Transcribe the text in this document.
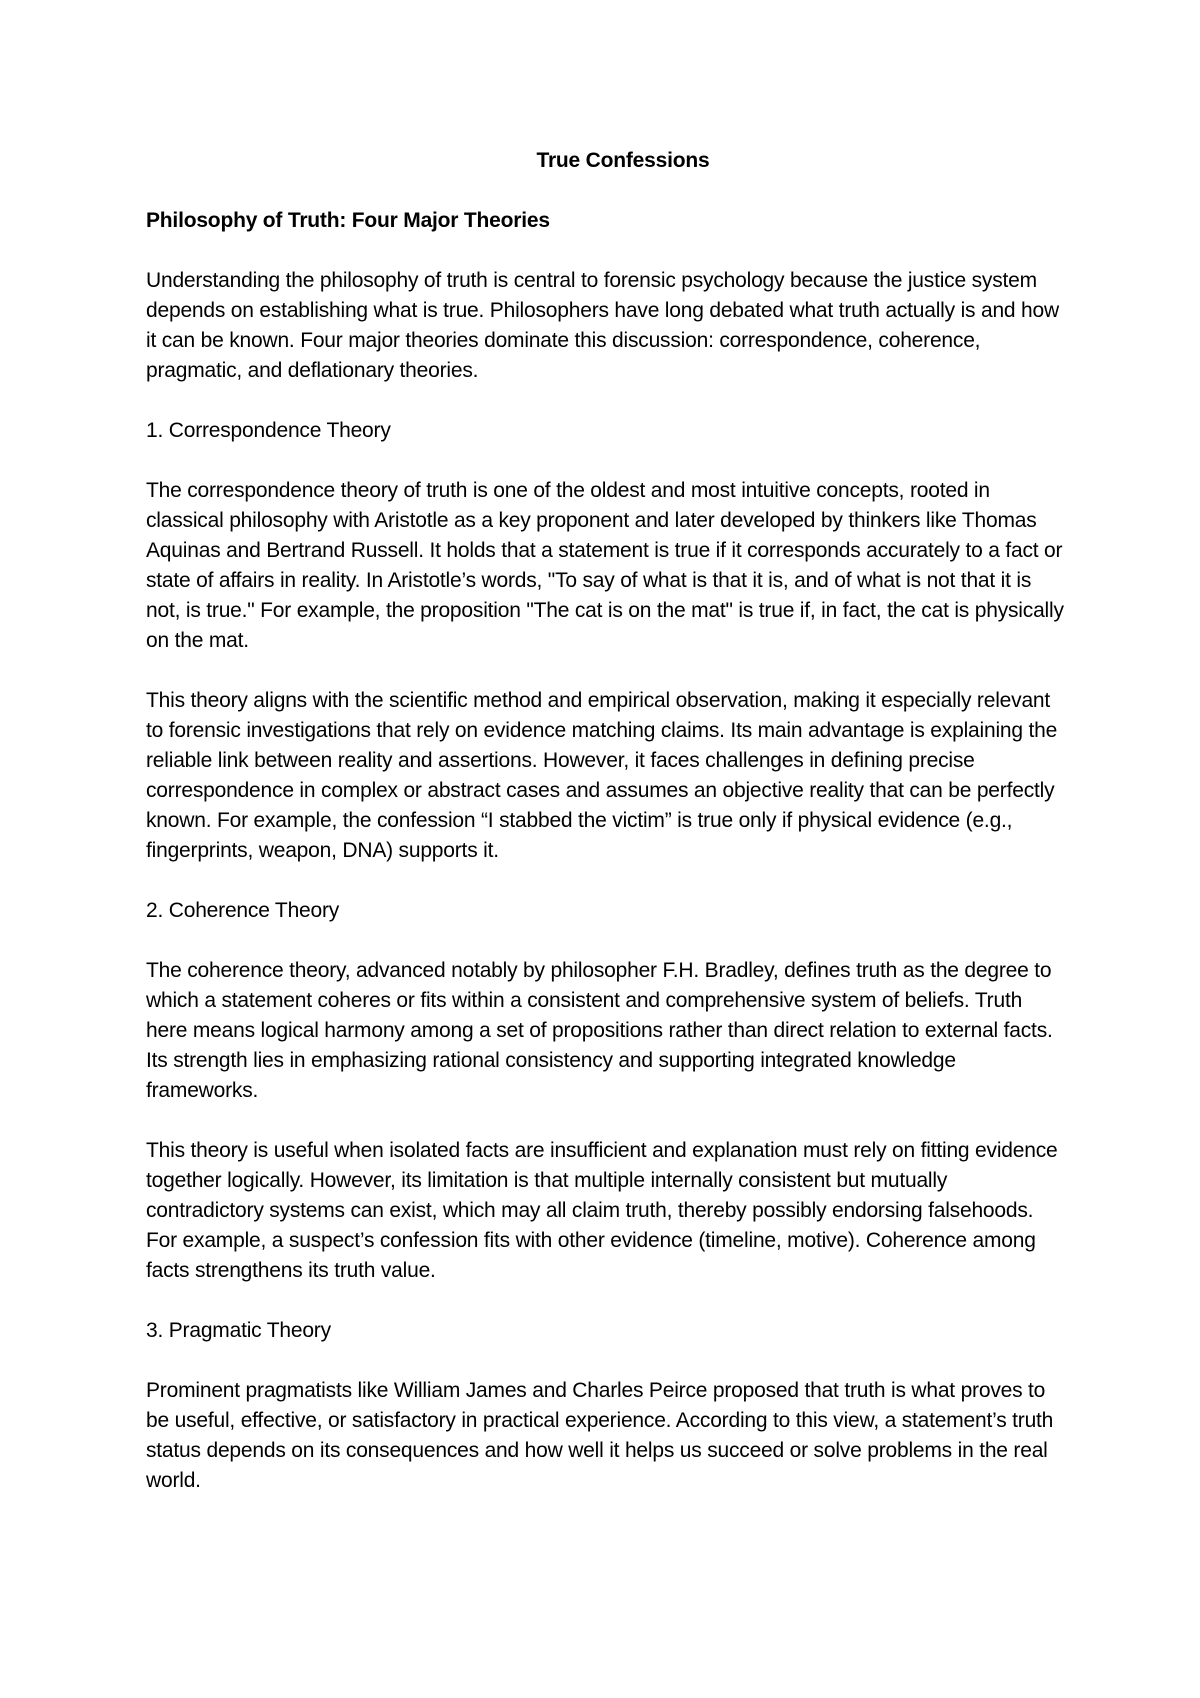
True Confessions
Philosophy of Truth: Four Major Theories

Understanding the philosophy of truth is central to forensic psychology because the justice system depends on establishing what is true. Philosophers have long debated what truth actually is and how it can be known. Four major theories dominate this discussion: correspondence, coherence, pragmatic, and deflationary theories.

1. Correspondence Theory

The correspondence theory of truth is one of the oldest and most intuitive concepts, rooted in classical philosophy with Aristotle as a key proponent and later developed by thinkers like Thomas Aquinas and Bertrand Russell. It holds that a statement is true if it corresponds accurately to a fact or state of affairs in reality. In Aristotle’s words, "To say of what is that it is, and of what is not that it is not, is true." For example, the proposition "The cat is on the mat" is true if, in fact, the cat is physically on the mat.

This theory aligns with the scientific method and empirical observation, making it especially relevant to forensic investigations that rely on evidence matching claims. Its main advantage is explaining the reliable link between reality and assertions. However, it faces challenges in defining precise correspondence in complex or abstract cases and assumes an objective reality that can be perfectly known. For example, the confession “I stabbed the victim” is true only if physical evidence (e.g., fingerprints, weapon, DNA) supports it.

2. Coherence Theory

The coherence theory, advanced notably by philosopher F.H. Bradley, defines truth as the degree to which a statement coheres or fits within a consistent and comprehensive system of beliefs. Truth here means logical harmony among a set of propositions rather than direct relation to external facts. Its strength lies in emphasizing rational consistency and supporting integrated knowledge frameworks.

This theory is useful when isolated facts are insufficient and explanation must rely on fitting evidence together logically. However, its limitation is that multiple internally consistent but mutually contradictory systems can exist, which may all claim truth, thereby possibly endorsing falsehoods. For example, a suspect’s confession fits with other evidence (timeline, motive). Coherence among facts strengthens its truth value.

3. Pragmatic Theory

Prominent pragmatists like William James and Charles Peirce proposed that truth is what proves to be useful, effective, or satisfactory in practical experience. According to this view, a statement’s truth status depends on its consequences and how well it helps us succeed or solve problems in the real world.
